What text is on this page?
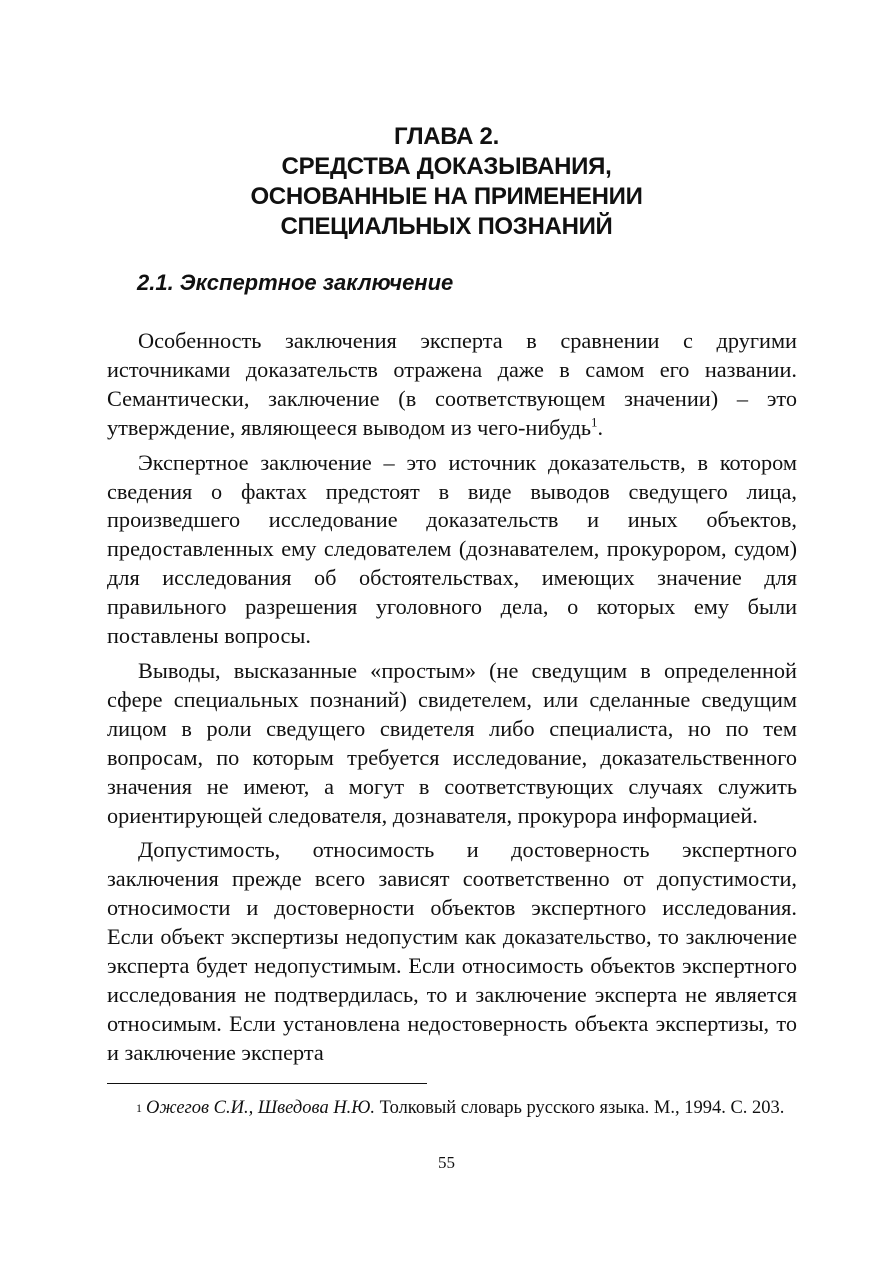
ГЛАВА 2.
СРЕДСТВА ДОКАЗЫВАНИЯ,
ОСНОВАННЫЕ НА ПРИМЕНЕНИИ
СПЕЦИАЛЬНЫХ ПОЗНАНИЙ
2.1. Экспертное заключение

Особенность заключения эксперта в сравнении с другими источниками доказательств отражена даже в самом его названии. Семантически, заключение (в соответствующем значении) – это утверждение, являющееся выводом из чего-нибудь$^1$.

Экспертное заключение – это источник доказательств, в котором сведения о фактах предстоят в виде выводов сведущего лица, произведшего исследование доказательств и иных объектов, предоставленных ему следователем (дознавателем, прокурором, судом) для исследования об обстоятельствах, имеющих значение для правильного разрешения уголовного дела, о которых ему были поставлены вопросы.

Выводы, высказанные «простым» (не сведущим в определенной сфере специальных познаний) свидетелем, или сделанные сведущим лицом в роли сведущего свидетеля либо специалиста, но по тем вопросам, по которым требуется исследование, доказательственного значения не имеют, а могут в соответствующих случаях служить ориентирующей следователя, дознавателя, прокурора информацией.

Допустимость, относимость и достоверность экспертного заключения прежде всего зависят соответственно от допустимости, относимости и достоверности объектов экспертного исследования. Если объект экспертизы недопустим как доказательство, то заключение эксперта будет недопустимым. Если относимость объектов экспертного исследования не подтвердилась, то и заключение эксперта не является относимым. Если установлена недостоверность объекта экспертизы, то и заключение эксперта

$^1$ Ожегов С.И., Шведова Н.Ю. Толковый словарь русского языка. М., 1994. С. 203.
55
